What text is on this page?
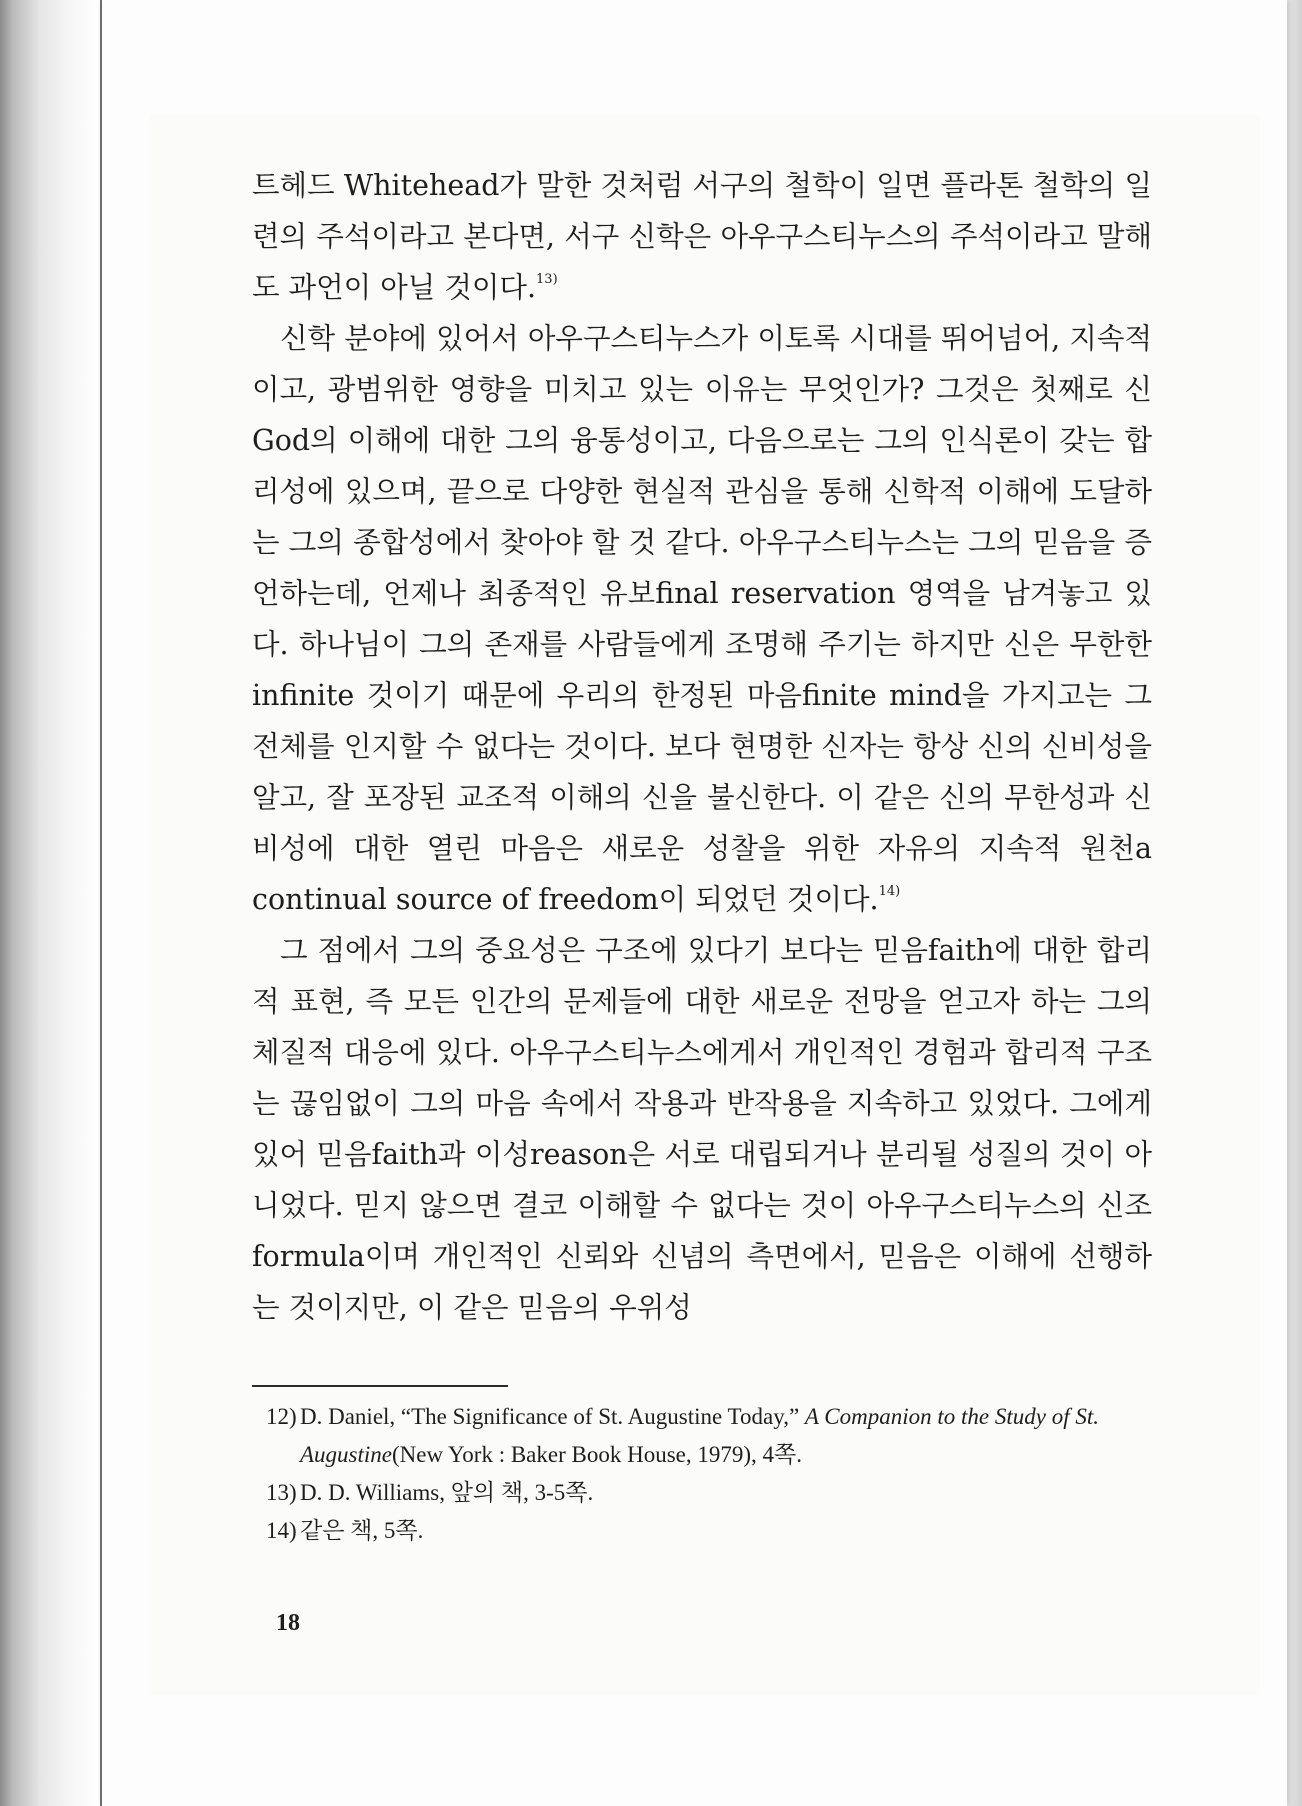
트헤드 Whitehead가 말한 것처럼 서구의 철학이 일면 플라톤 철학의 일련의 주석이라고 본다면, 서구 신학은 아우구스티누스의 주석이라고 말해도 과언이 아닐 것이다.$^{13)}$

신학 분야에 있어서 아우구스티누스가 이토록 시대를 뛰어넘어, 지속적이고, 광범위한 영향을 미치고 있는 이유는 무엇인가? 그것은 첫째로 신God의 이해에 대한 그의 융통성이고, 다음으로는 그의 인식론이 갖는 합리성에 있으며, 끝으로 다양한 현실적 관심을 통해 신학적 이해에 도달하는 그의 종합성에서 찾아야 할 것 같다. 아우구스티누스는 그의 믿음을 증언하는데, 언제나 최종적인 유보final reservation 영역을 남겨놓고 있다. 하나님이 그의 존재를 사람들에게 조명해 주기는 하지만 신은 무한한infinite 것이기 때문에 우리의 한정된 마음finite mind을 가지고는 그 전체를 인지할 수 없다는 것이다. 보다 현명한 신자는 항상 신의 신비성을 알고, 잘 포장된 교조적 이해의 신을 불신한다. 이 같은 신의 무한성과 신비성에 대한 열린 마음은 새로운 성찰을 위한 자유의 지속적 원천a continual source of freedom이 되었던 것이다.$^{14)}$

그 점에서 그의 중요성은 구조에 있다기 보다는 믿음faith에 대한 합리적 표현, 즉 모든 인간의 문제들에 대한 새로운 전망을 얻고자 하는 그의 체질적 대응에 있다. 아우구스티누스에게서 개인적인 경험과 합리적 구조는 끊임없이 그의 마음 속에서 작용과 반작용을 지속하고 있었다. 그에게 있어 믿음faith과 이성reason은 서로 대립되거나 분리될 성질의 것이 아니었다. 믿지 않으면 결코 이해할 수 없다는 것이 아우구스티누스의 신조formula이며 개인적인 신뢰와 신념의 측면에서, 믿음은 이해에 선행하는 것이지만, 이 같은 믿음의 우위성

12) D. Daniel, “The Significance of St. Augustine Today,” A Companion to the Study of St. Augustine(New York : Baker Book House, 1979), 4쪽.

13) D. D. Williams, 앞의 책, 3-5쪽.

14) 같은 책, 5쪽.

18
